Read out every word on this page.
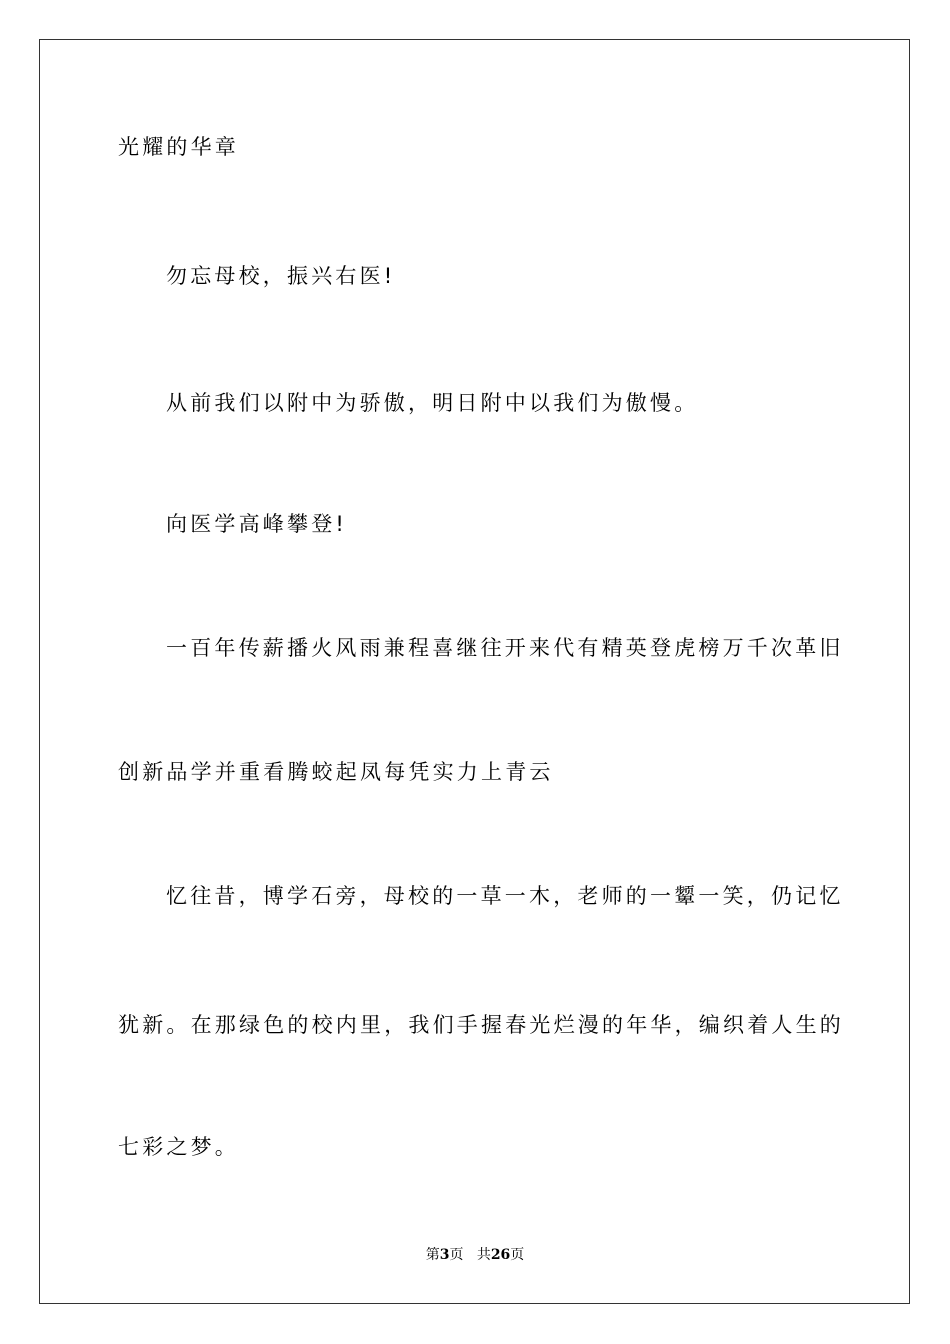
光耀的华章
勿忘母校，振兴右医!
从前我们以附中为骄傲，明日附中以我们为傲慢。
向医学高峰攀登!
一百年传薪播火风雨兼程喜继往开来代有精英登虎榜万千次革旧
创新品学并重看腾蛟起凤每凭实力上青云
忆往昔，博学石旁，母校的一草一木，老师的一颦一笑，仍记忆
犹新。在那绿色的校内里，我们手握春光烂漫的年华，编织着人生的
七彩之梦。
第3页 共26页
